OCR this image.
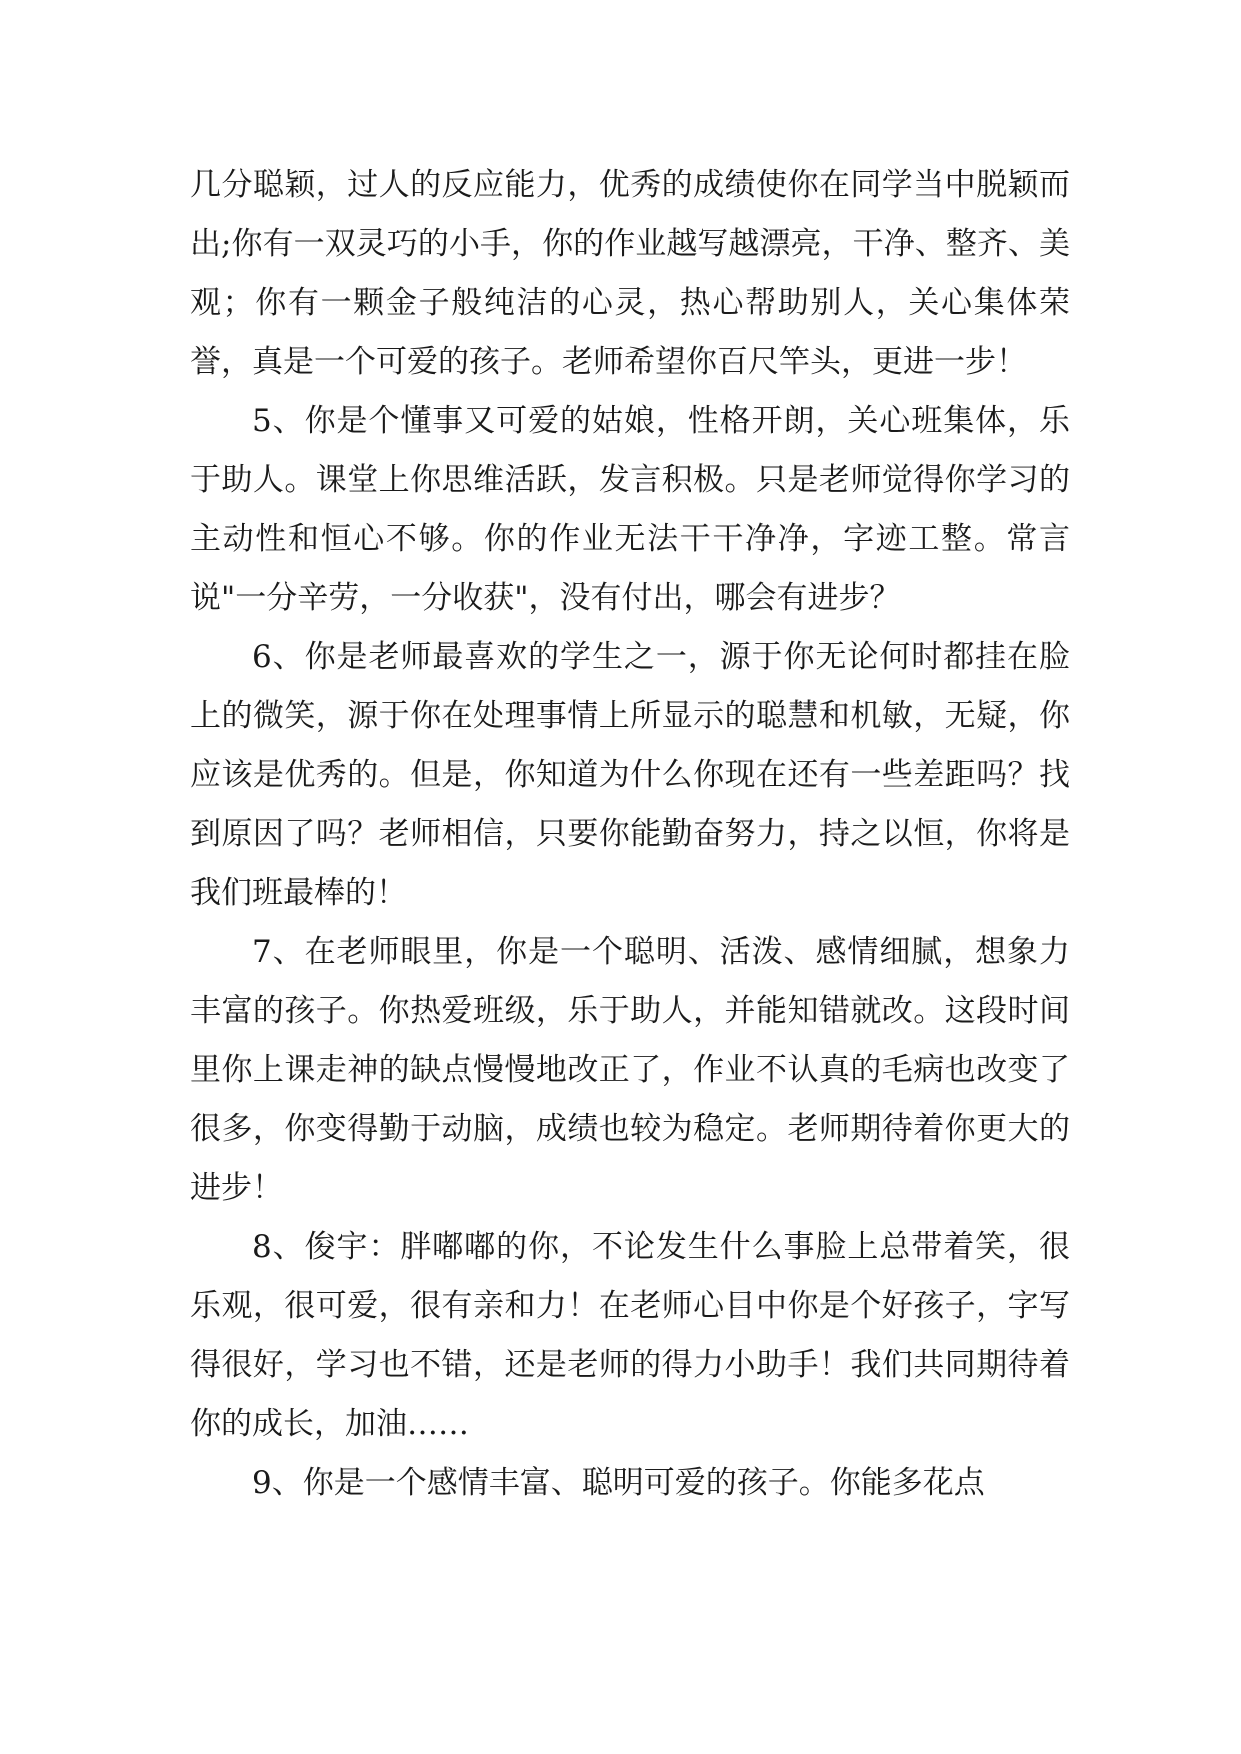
几分聪颖，过人的反应能力，优秀的成绩使你在同学当中脱颖而出;你有一双灵巧的小手，你的作业越写越漂亮，干净、整齐、美观；你有一颗金子般纯洁的心灵，热心帮助别人，关心集体荣誉，真是一个可爱的孩子。老师希望你百尺竿头，更进一步！

5、你是个懂事又可爱的姑娘，性格开朗，关心班集体，乐于助人。课堂上你思维活跃，发言积极。只是老师觉得你学习的主动性和恒心不够。你的作业无法干干净净，字迹工整。常言说"一分辛劳，一分收获"，没有付出，哪会有进步？

6、你是老师最喜欢的学生之一，源于你无论何时都挂在脸上的微笑，源于你在处理事情上所显示的聪慧和机敏，无疑，你应该是优秀的。但是，你知道为什么你现在还有一些差距吗？找到原因了吗？老师相信，只要你能勤奋努力，持之以恒，你将是我们班最棒的！

7、在老师眼里，你是一个聪明、活泼、感情细腻，想象力丰富的孩子。你热爱班级，乐于助人，并能知错就改。这段时间里你上课走神的缺点慢慢地改正了，作业不认真的毛病也改变了很多，你变得勤于动脑，成绩也较为稳定。老师期待着你更大的进步！

8、俊宇：胖嘟嘟的你，不论发生什么事脸上总带着笑，很乐观，很可爱，很有亲和力！在老师心目中你是个好孩子，字写得很好，学习也不错，还是老师的得力小助手！我们共同期待着你的成长，加油……

9、你是一个感情丰富、聪明可爱的孩子。你能多花点
